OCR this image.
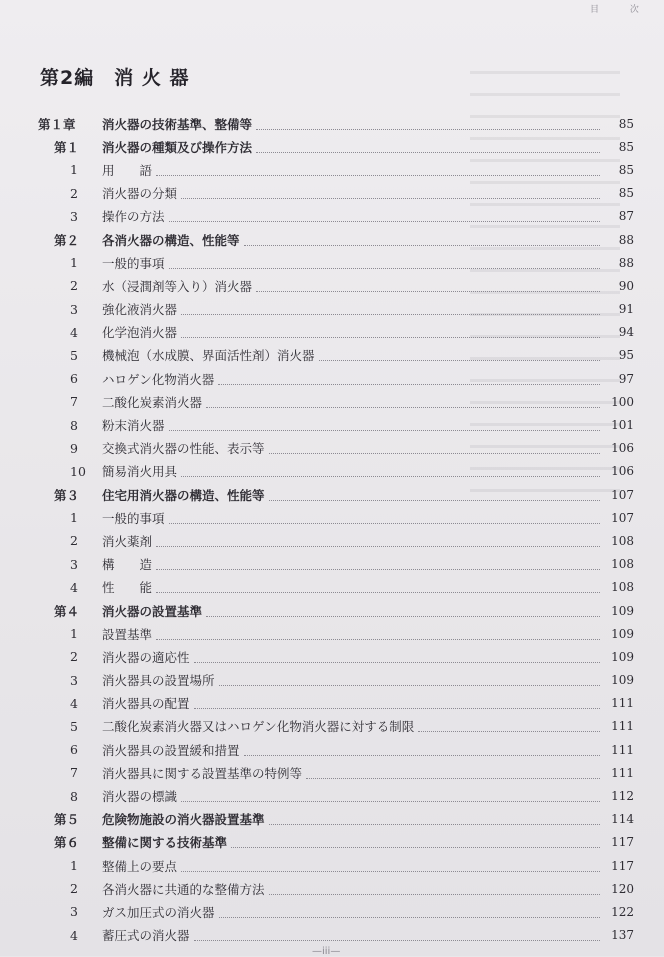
目 次
第2編　消 火 器
第１章	消火器の技術基準、整備等	85
第１	消火器の種類及び操作方法	85
1	用　　語	85
2	消火器の分類	85
3	操作の方法	87
第２	各消火器の構造、性能等	88
1	一般的事項	88
2	水（浸潤剤等入り）消火器	90
3	強化液消火器	91
4	化学泡消火器	94
5	機械泡（水成膜、界面活性剤）消火器	95
6	ハロゲン化物消火器	97
7	二酸化炭素消火器	100
8	粉末消火器	101
9	交換式消火器の性能、表示等	106
10	簡易消火用具	106
第３	住宅用消火器の構造、性能等	107
1	一般的事項	107
2	消火薬剤	108
3	構　　造	108
4	性　　能	108
第４	消火器の設置基準	109
1	設置基準	109
2	消火器の適応性	109
3	消火器具の設置場所	109
4	消火器具の配置	111
5	二酸化炭素消火器又はハロゲン化物消火器に対する制限	111
6	消火器具の設置緩和措置	111
7	消火器具に関する設置基準の特例等	111
8	消火器の標識	112
第５	危険物施設の消火器設置基準	114
第６	整備に関する技術基準	117
1	整備上の要点	117
2	各消火器に共通的な整備方法	120
3	ガス加圧式の消火器	122
4	蓄圧式の消火器	137
—iii—
